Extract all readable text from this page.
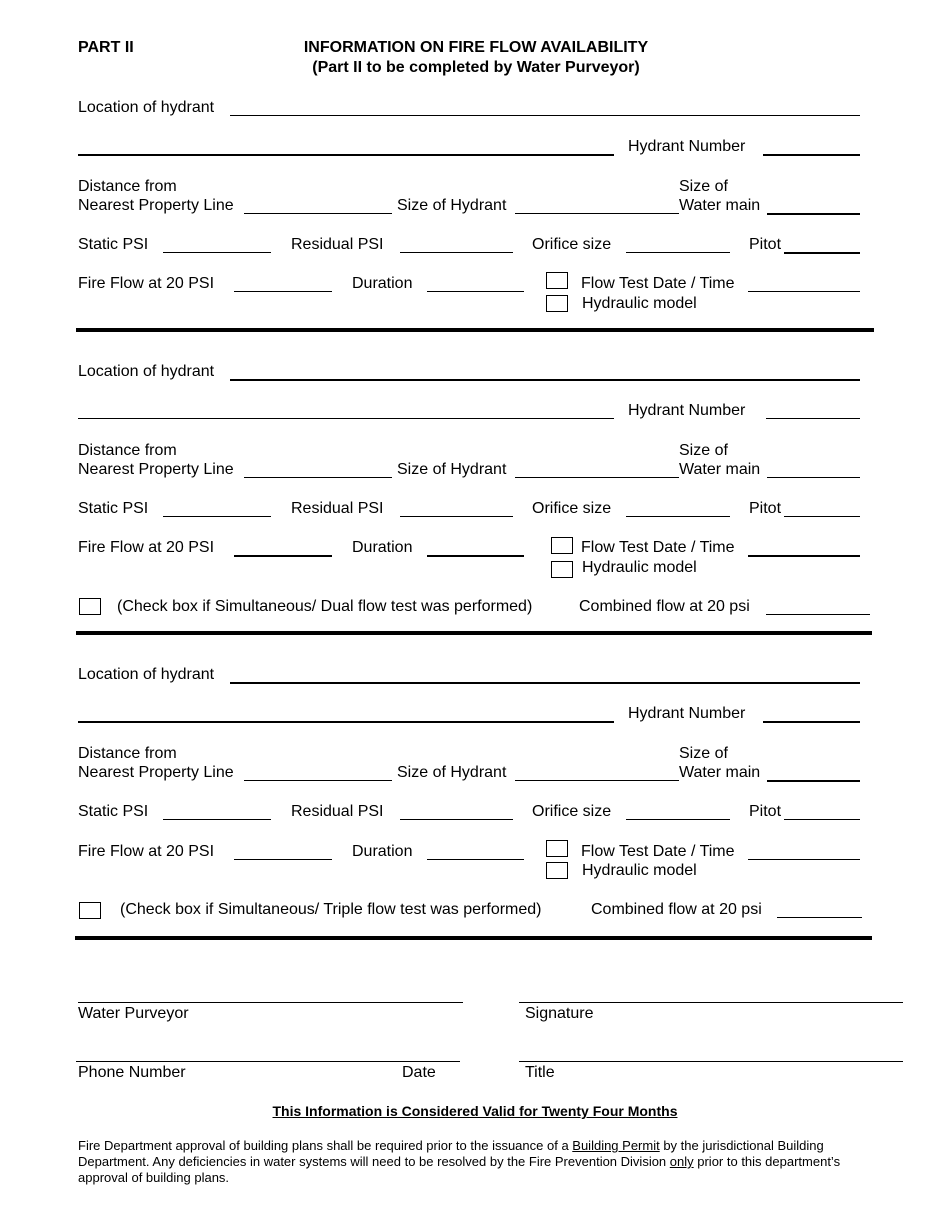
PART II	INFORMATION ON FIRE FLOW AVAILABILITY
(Part II to be completed by Water Purveyor)
Location of hydrant
Hydrant Number
Distance from
Nearest Property Line	Size of Hydrant
Size of
Water main
Static PSI	Residual PSI	Orifice size	Pitot
Fire Flow at 20 PSI	Duration	Flow Test Date / Time
Hydraulic model
Location of hydrant
Hydrant Number
Distance from
Nearest Property Line	Size of Hydrant
Size of
Water main
Static PSI	Residual PSI	Orifice size	Pitot
Fire Flow at 20 PSI	Duration	Flow Test Date / Time
Hydraulic model
(Check box if Simultaneous/ Dual flow test was performed)	Combined flow at 20 psi
Location of hydrant
Hydrant Number
Distance from
Nearest Property Line	Size of Hydrant
Size of
Water main
Static PSI	Residual PSI	Orifice size	Pitot
Fire Flow at 20 PSI	Duration	Flow Test Date / Time
Hydraulic model
(Check box if Simultaneous/ Triple flow test was performed)	Combined flow at 20 psi
Water Purveyor	Signature
Phone Number	Date	Title
This Information is Considered Valid for Twenty Four Months
Fire Department approval of building plans shall be required prior to the issuance of a Building Permit by the jurisdictional Building Department. Any deficiencies in water systems will need to be resolved by the Fire Prevention Division only prior to this department’s approval of building plans.
